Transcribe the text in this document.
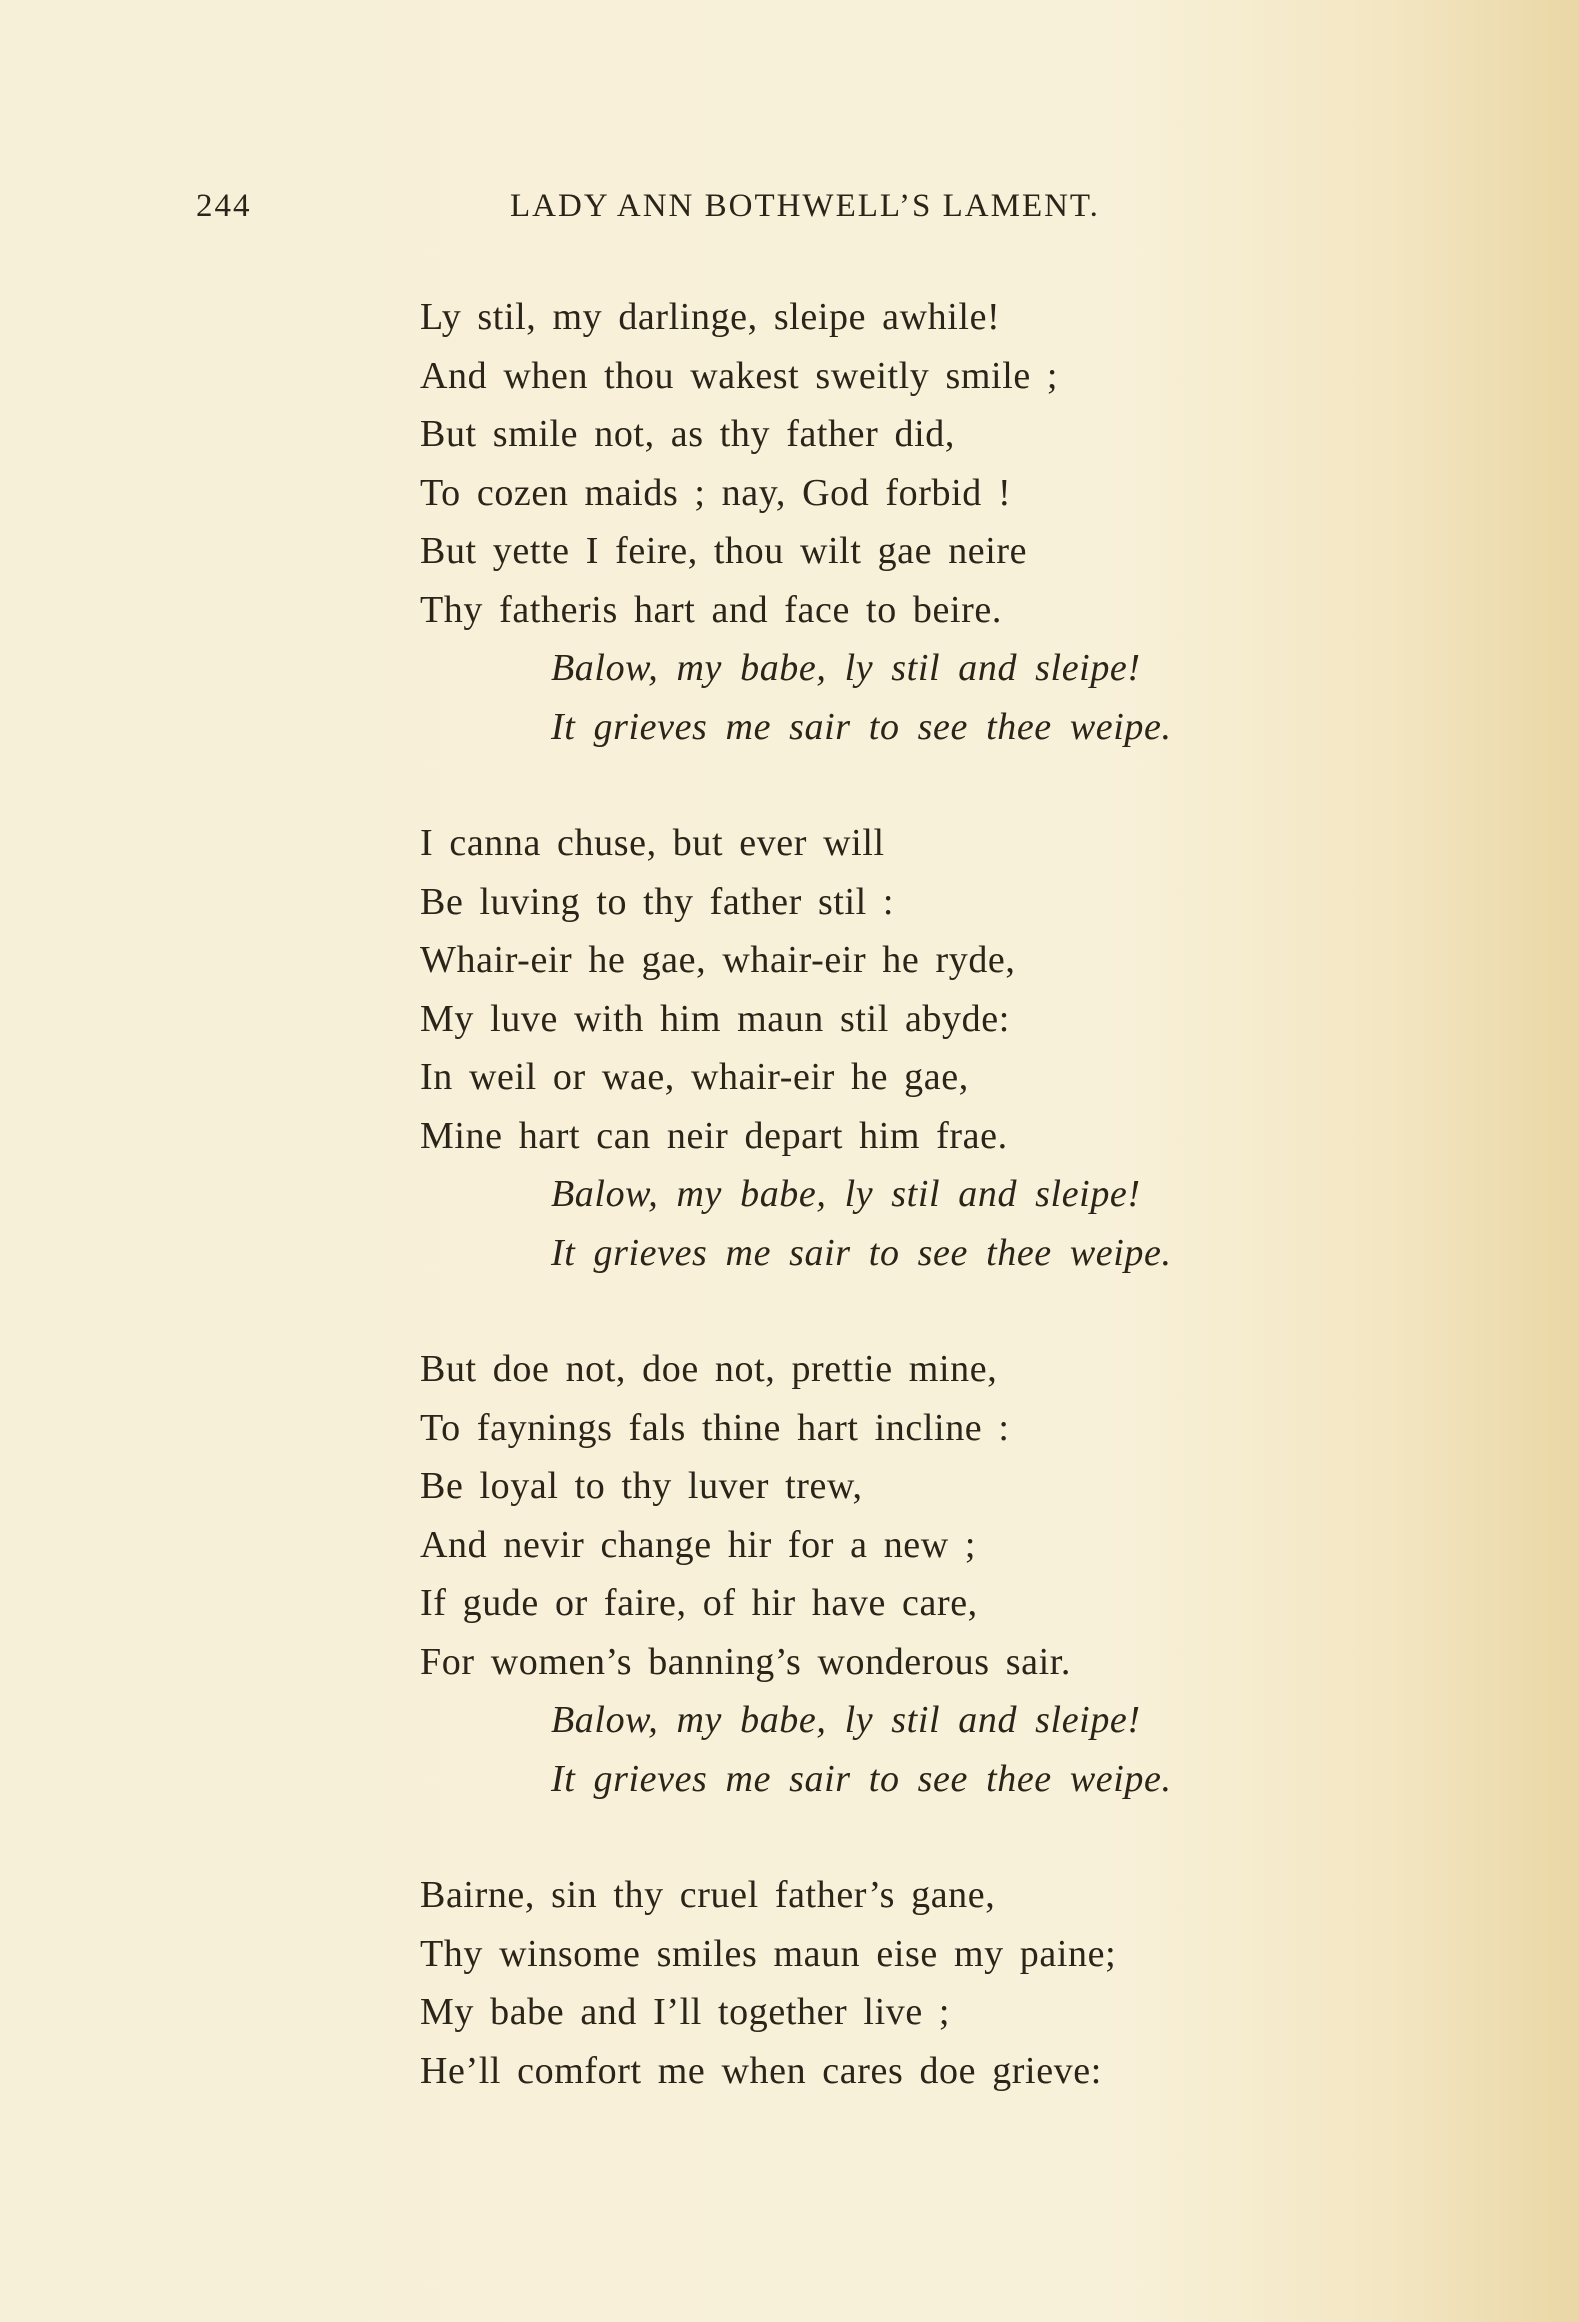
244	LADY ANN BOTHWELL’S LAMENT.
Ly stil, my darlinge, sleipe awhile!
And when thou wakest sweitly smile ;
But smile not, as thy father did,
To cozen maids ; nay, God forbid !
But yette I feire, thou wilt gae neire
Thy fatheris hart and face to beire.
Balow, my babe, ly stil and sleipe!
It grieves me sair to see thee weipe.
I canna chuse, but ever will
Be luving to thy father stil :
Whair-eir he gae, whair-eir he ryde,
My luve with him maun stil abyde:
In weil or wae, whair-eir he gae,
Mine hart can neir depart him frae.
Balow, my babe, ly stil and sleipe!
It grieves me sair to see thee weipe.
But doe not, doe not, prettie mine,
To faynings fals thine hart incline :
Be loyal to thy luver trew,
And nevir change hir for a new ;
If gude or faire, of hir have care,
For women’s banning’s wonderous sair.
Balow, my babe, ly stil and sleipe!
It grieves me sair to see thee weipe.
Bairne, sin thy cruel father’s gane,
Thy winsome smiles maun eise my paine;
My babe and I’ll together live ;
He’ll comfort me when cares doe grieve:
